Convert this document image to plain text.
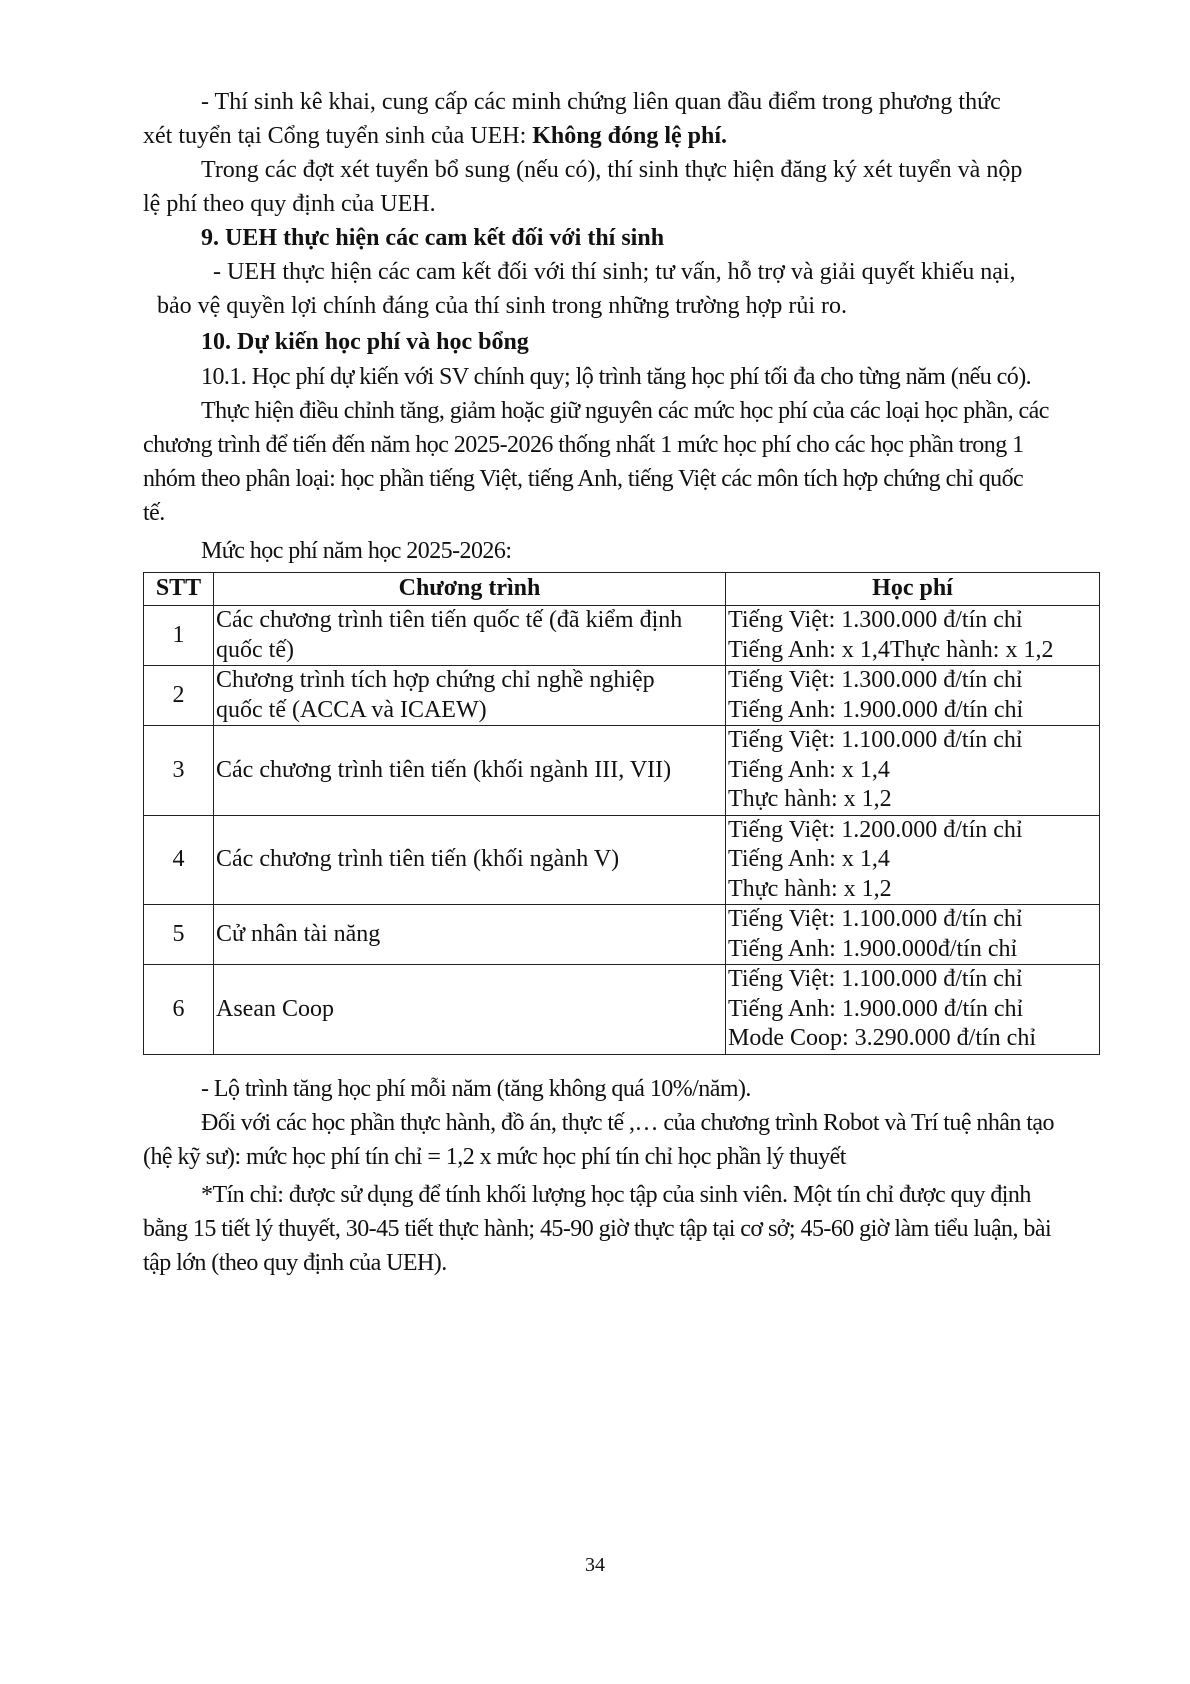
- Thí sinh kê khai, cung cấp các minh chứng liên quan đầu điểm trong phương thức
xét tuyển tại Cổng tuyển sinh của UEH: Không đóng lệ phí.
Trong các đợt xét tuyển bổ sung (nếu có), thí sinh thực hiện đăng ký xét tuyển và nộp
lệ phí theo quy định của UEH.
9. UEH thực hiện các cam kết đối với thí sinh
- UEH thực hiện các cam kết đối với thí sinh; tư vấn, hỗ trợ và giải quyết khiếu nại,
bảo vệ quyền lợi chính đáng của thí sinh trong những trường hợp rủi ro.
10. Dự kiến học phí và học bổng
10.1. Học phí dự kiến với SV chính quy; lộ trình tăng học phí tối đa cho từng năm (nếu có).
Thực hiện điều chỉnh tăng, giảm hoặc giữ nguyên các mức học phí của các loại học phần, các
chương trình để tiến đến năm học 2025-2026 thống nhất 1 mức học phí cho các học phần trong 1
nhóm theo phân loại: học phần tiếng Việt, tiếng Anh, tiếng Việt các môn tích hợp chứng chỉ quốc
tế.
Mức học phí năm học 2025-2026:
STT	Chương trình	Học phí
1	Các chương trình tiên tiến quốc tế (đã kiểm định
quốc tế)	Tiếng Việt: 1.300.000 đ/tín chỉ
Tiếng Anh: x 1,4Thực hành: x 1,2

2	Chương trình tích hợp chứng chỉ nghề nghiệp
quốc tế (ACCA và ICAEW)	Tiếng Việt: 1.300.000 đ/tín chỉ
Tiếng Anh: 1.900.000 đ/tín chỉ

3	Các chương trình tiên tiến (khối ngành III, VII)	Tiếng Việt: 1.100.000 đ/tín chỉ
Tiếng Anh: x 1,4
Thực hành: x 1,2

4	Các chương trình tiên tiến (khối ngành V)	Tiếng Việt: 1.200.000 đ/tín chỉ
Tiếng Anh: x 1,4
Thực hành: x 1,2

5	Cử nhân tài năng	Tiếng Việt: 1.100.000 đ/tín chỉ
Tiếng Anh: 1.900.000đ/tín chỉ

6	Asean Coop	Tiếng Việt: 1.100.000 đ/tín chỉ
Tiếng Anh: 1.900.000 đ/tín chỉ
Mode Coop: 3.290.000 đ/tín chỉ
- Lộ trình tăng học phí mỗi năm (tăng không quá 10%/năm).
Đối với các học phần thực hành, đồ án, thực tế ,… của chương trình Robot và Trí tuệ nhân tạo
(hệ kỹ sư): mức học phí tín chỉ = 1,2 x mức học phí tín chỉ học phần lý thuyết
*Tín chỉ: được sử dụng để tính khối lượng học tập của sinh viên. Một tín chỉ được quy định
bằng 15 tiết lý thuyết, 30-45 tiết thực hành; 45-90 giờ thực tập tại cơ sở; 45-60 giờ làm tiểu luận, bài
tập lớn (theo quy định của UEH).
34
